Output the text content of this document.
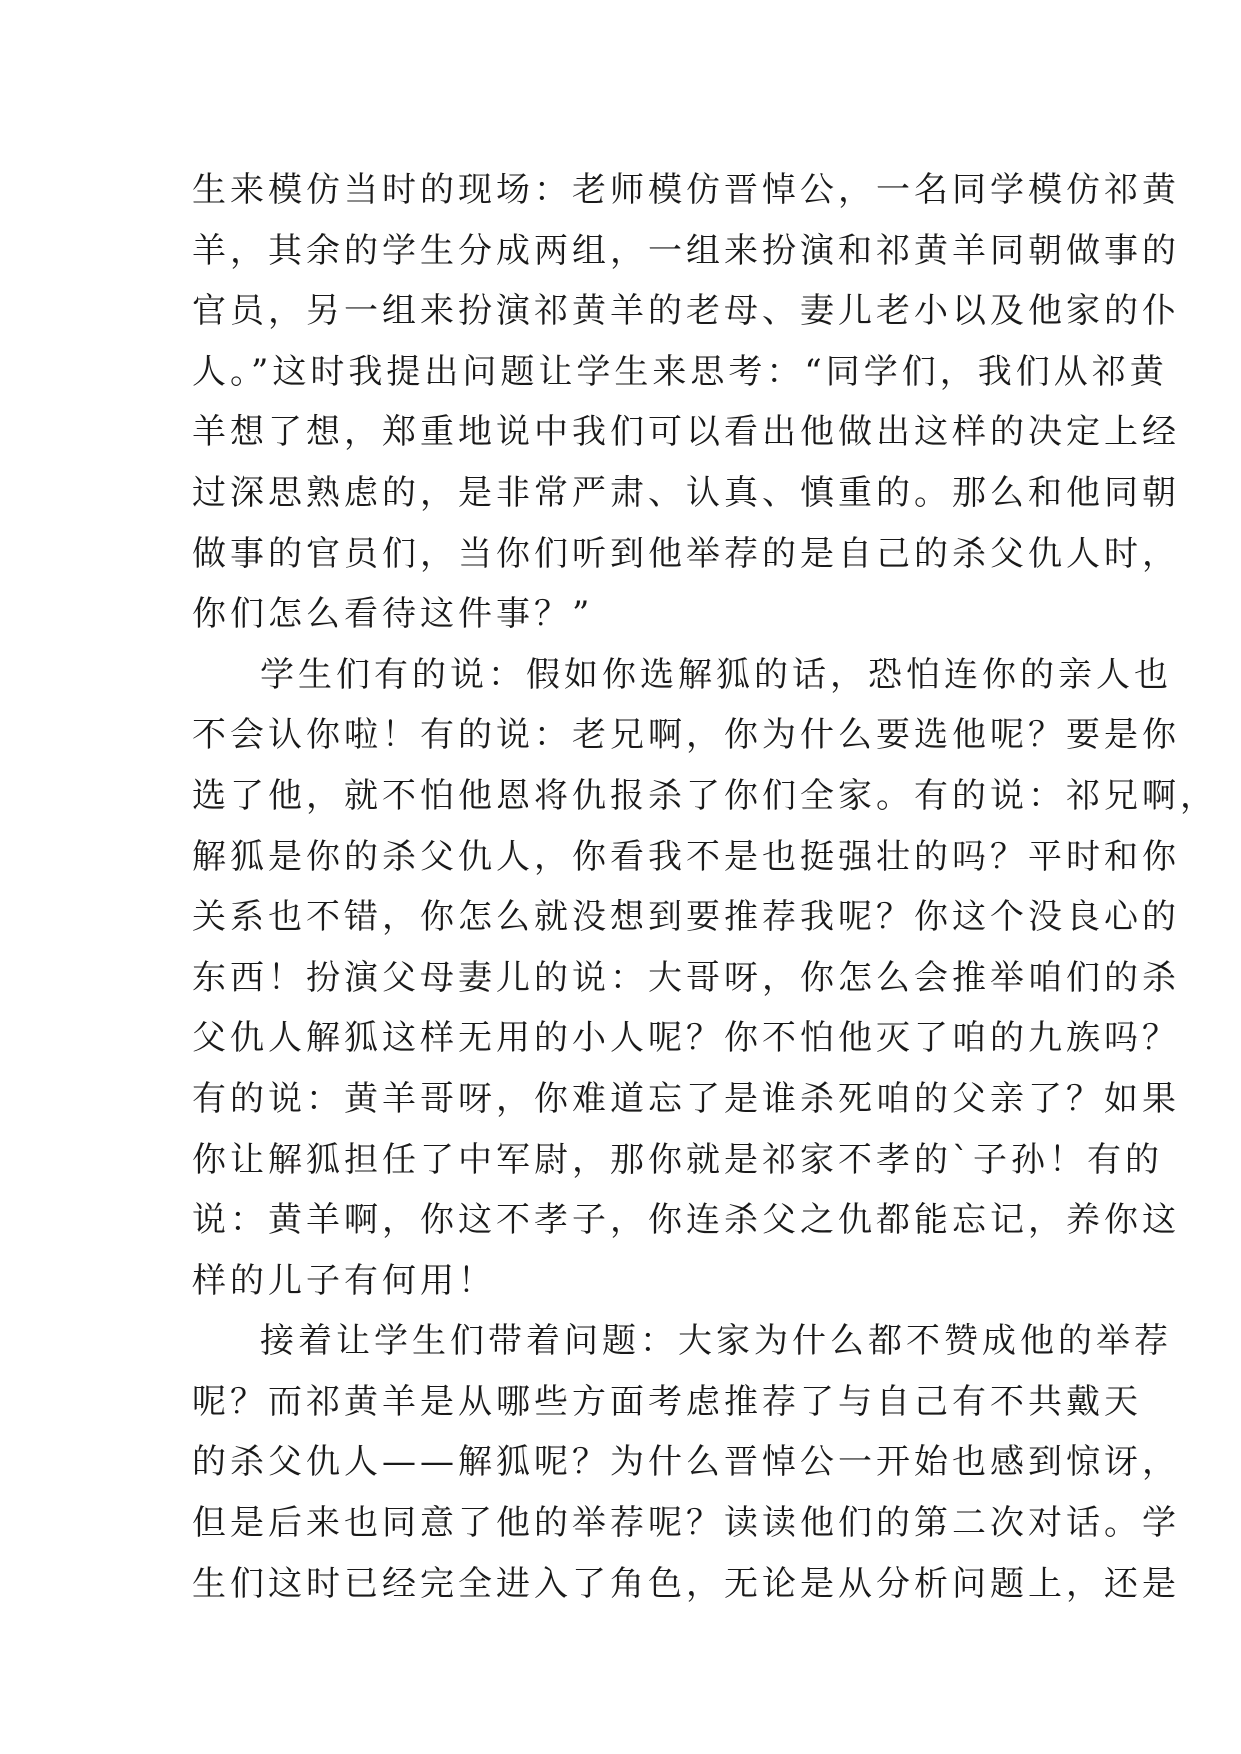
生来模仿当时的现场：老师模仿晋悼公，一名同学模仿祁黄
羊，其余的学生分成两组，一组来扮演和祁黄羊同朝做事的
官员，另一组来扮演祁黄羊的老母、妻儿老小以及他家的仆
人。”这时我提出问题让学生来思考：“同学们，我们从祁黄
羊想了想，郑重地说中我们可以看出他做出这样的决定上经
过深思熟虑的，是非常严肃、认真、慎重的。那么和他同朝
做事的官员们，当你们听到他举荐的是自己的杀父仇人时，
你们怎么看待这件事？”
学生们有的说：假如你选解狐的话，恐怕连你的亲人也
不会认你啦！有的说：老兄啊，你为什么要选他呢？要是你
选了他，就不怕他恩将仇报杀了你们全家。有的说：祁兄啊，
解狐是你的杀父仇人，你看我不是也挺强壮的吗？平时和你
关系也不错，你怎么就没想到要推荐我呢？你这个没良心的
东西！扮演父母妻儿的说：大哥呀，你怎么会推举咱们的杀
父仇人解狐这样无用的小人呢？你不怕他灭了咱的九族吗？
有的说：黄羊哥呀，你难道忘了是谁杀死咱的父亲了？如果
你让解狐担任了中军尉，那你就是祁家不孝的`子孙！有的
说：黄羊啊，你这不孝子，你连杀父之仇都能忘记，养你这
样的儿子有何用！
接着让学生们带着问题：大家为什么都不赞成他的举荐
呢？而祁黄羊是从哪些方面考虑推荐了与自己有不共戴天
的杀父仇人——解狐呢？为什么晋悼公一开始也感到惊讶，
但是后来也同意了他的举荐呢？读读他们的第二次对话。学
生们这时已经完全进入了角色，无论是从分析问题上，还是
